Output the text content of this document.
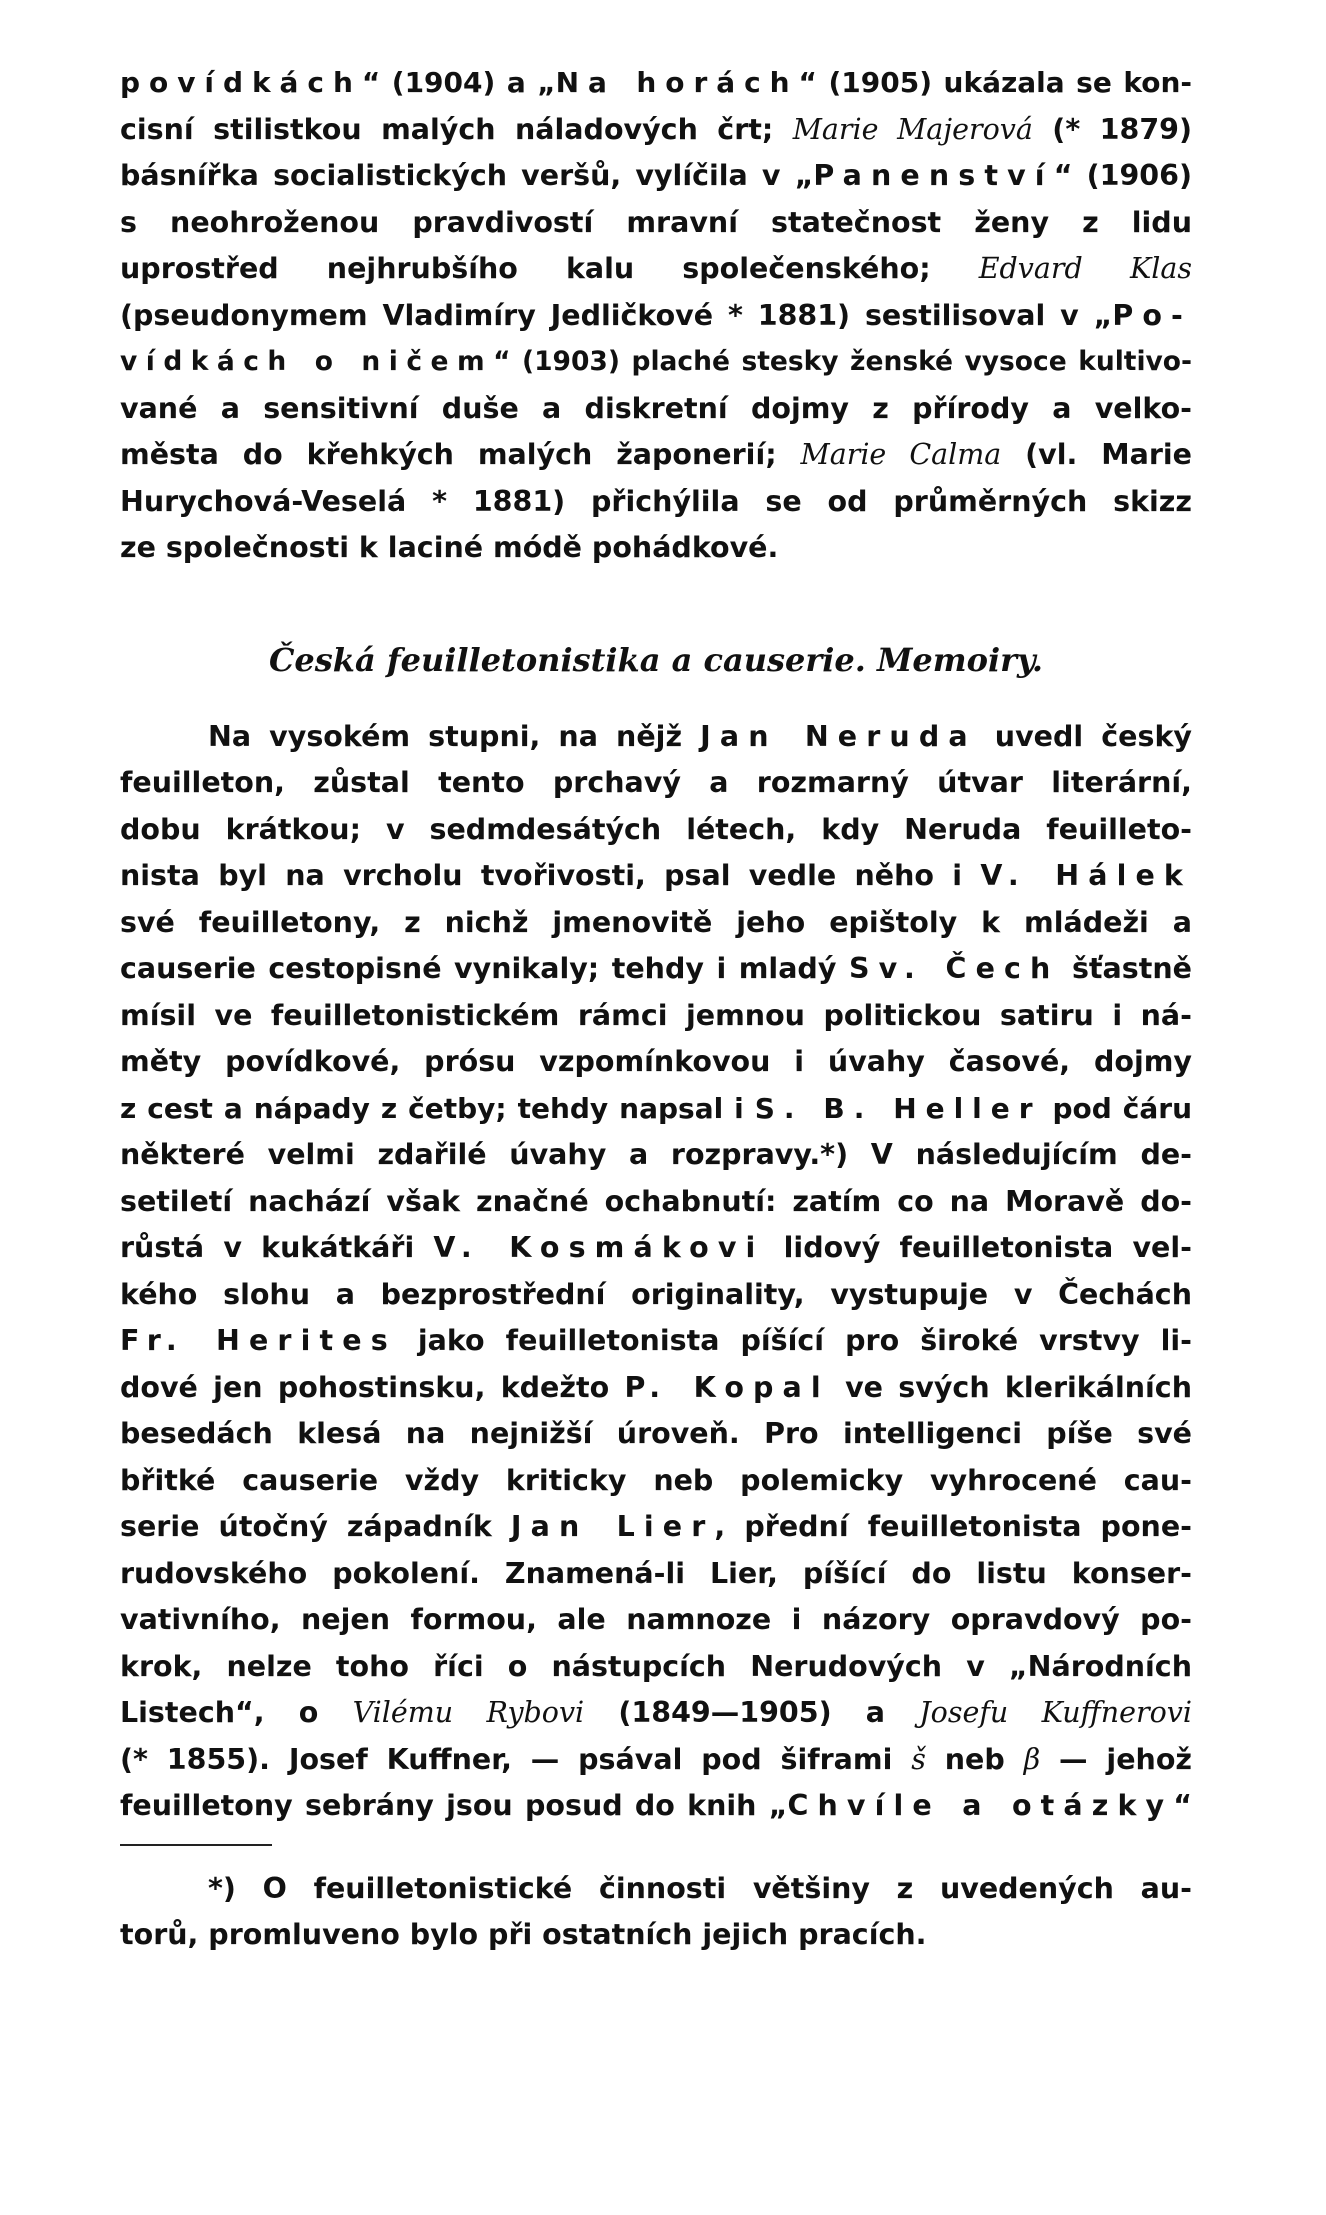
povídkách“ (1904) a „Na horách“ (1905) ukázala se kon-
cisní stilistkou malých náladových črt; Marie Majerová (* 1879)
básnířka socialistických veršů, vylíčila v „Panenství“ (1906)
s neohroženou pravdivostí mravní statečnost ženy z lidu
uprostřed nejhrubšího kalu společenského; Edvard Klas
(pseudonymem Vladimíry Jedličkové * 1881) sestilisoval v „Po-
vídkách o ničem“ (1903) plaché stesky ženské vysoce kultivo-
vané a sensitivní duše a diskretní dojmy z přírody a velko-
města do křehkých malých žaponerií; Marie Calma (vl. Marie
Hurychová-Veselá * 1881) přichýlila se od průměrných skizz
ze společnosti k laciné módě pohádkové.
Česká feuilletonistika a causerie. Memoiry.
Na vysokém stupni, na nějž Jan Neruda uvedl český
feuilleton, zůstal tento prchavý a rozmarný útvar literární,
dobu krátkou; v sedmdesátých létech, kdy Neruda feuilleto-
nista byl na vrcholu tvořivosti, psal vedle něho i V. Hálek
své feuilletony, z nichž jmenovitě jeho epištoly k mládeži a
causerie cestopisné vynikaly; tehdy i mladý Sv. Čech šťastně
mísil ve feuilletonistickém rámci jemnou politickou satiru i ná-
měty povídkové, prósu vzpomínkovou i úvahy časové, dojmy
z cest a nápady z četby; tehdy napsal i S. B. Heller pod čáru
některé velmi zdařilé úvahy a rozpravy.*) V následujícím de-
setiletí nachází však značné ochabnutí: zatím co na Moravě do-
růstá v kukátkáři V. Kosmákovi lidový feuilletonista vel-
kého slohu a bezprostřední originality, vystupuje v Čechách
Fr. Herites jako feuilletonista píšící pro široké vrstvy li-
dové jen pohostinsku, kdežto P. Kopal ve svých klerikálních
besedách klesá na nejnižší úroveň. Pro intelligenci píše své
břitké causerie vždy kriticky neb polemicky vyhrocené cau-
serie útočný západník Jan Lier, přední feuilletonista pone-
rudovského pokolení. Znamená-li Lier, píšící do listu konser-
vativního, nejen formou, ale namnoze i názory opravdový po-
krok, nelze toho říci o nástupcích Nerudových v „Národních
Listech“, o Vilému Rybovi (1849—1905) a Josefu Kuffnerovi
(* 1855). Josef Kuffner, — psával pod šiframi š neb β — jehož
feuilletony sebrány jsou posud do knih „Chvíle a otázky“
*) O feuilletonistické činnosti většiny z uvedených au-
torů, promluveno bylo při ostatních jejich pracích.
